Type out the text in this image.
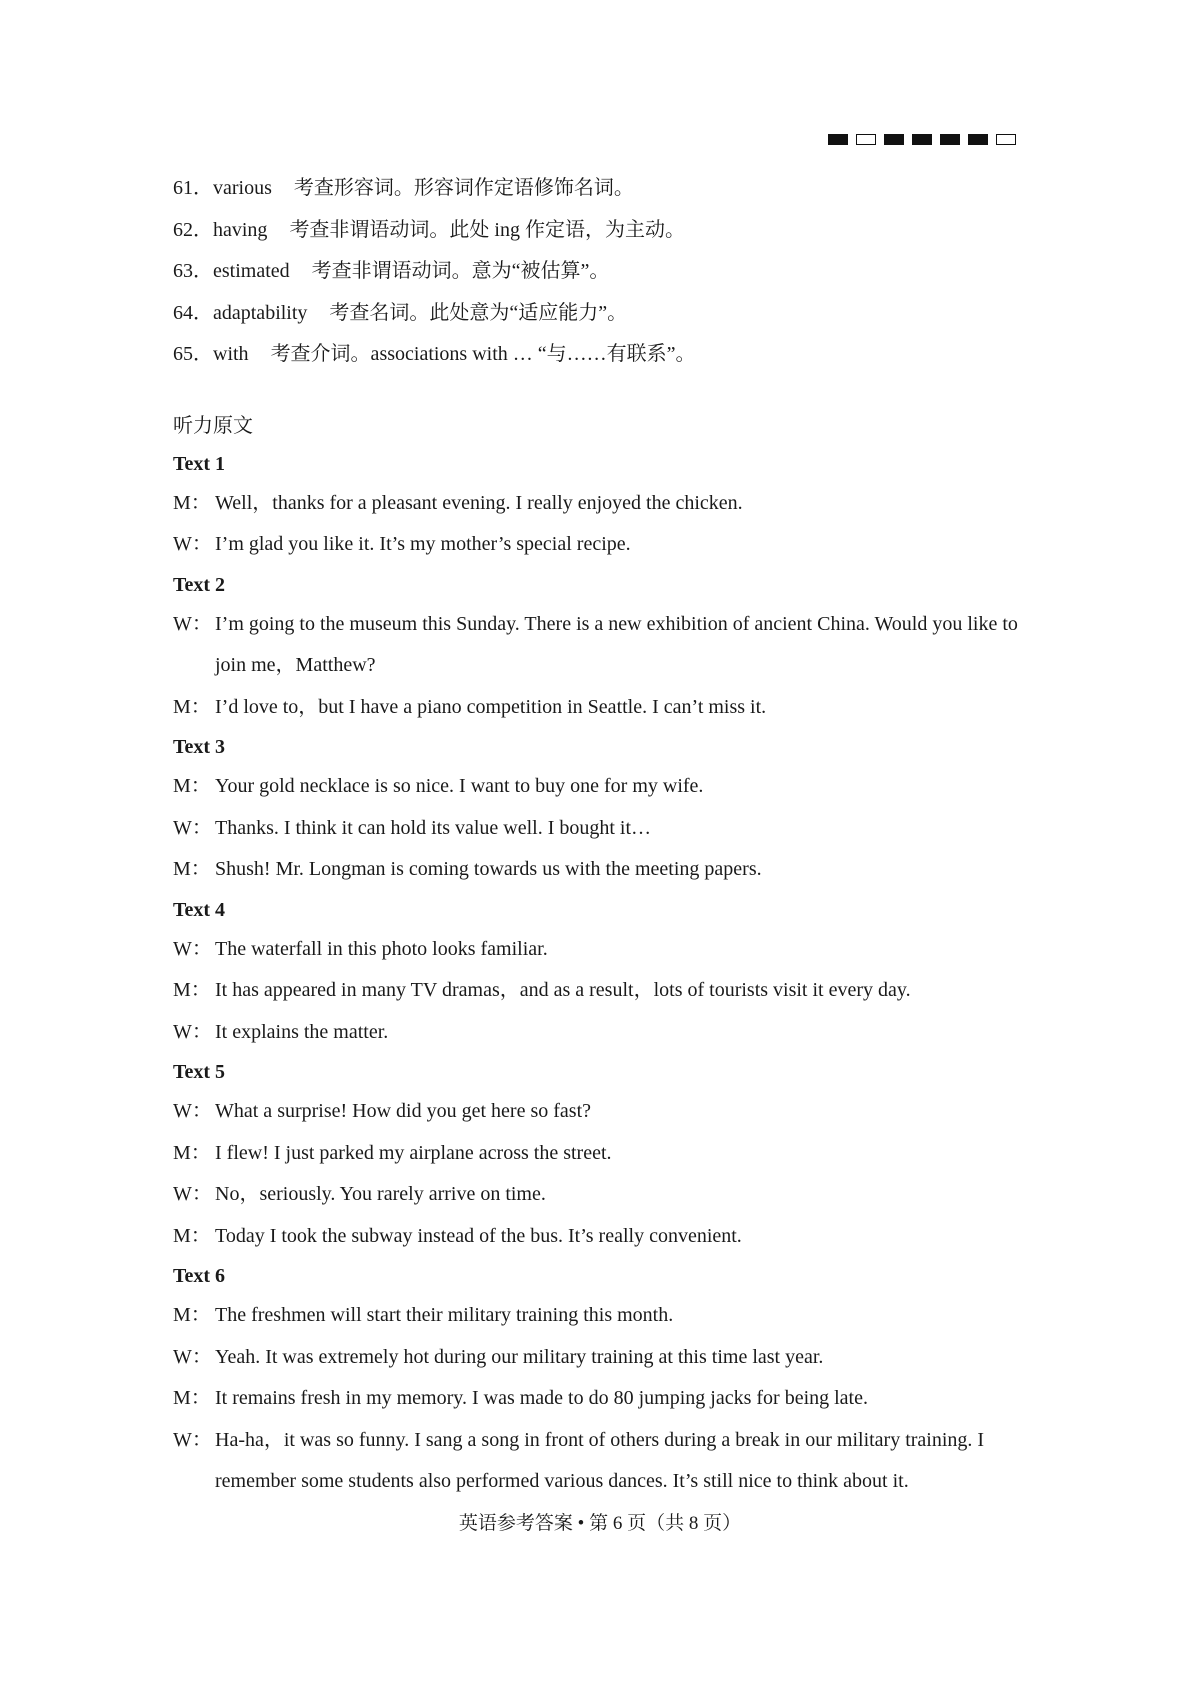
61．various 考查形容词。形容词作定语修饰名词。
62．having 考查非谓语动词。此处 ing 作定语，为主动。
63．estimated 考查非谓语动词。意为“被估算”。
64．adaptability 考查名词。此处意为“适应能力”。
65．with 考查介词。associations with … “与……有联系”。
听力原文
Text 1
M： Well，thanks for a pleasant evening. I really enjoyed the chicken.
W： I’m glad you like it. It’s my mother’s special recipe.
Text 2
W： I’m going to the museum this Sunday. There is a new exhibition of ancient China. Would you like to join me，Matthew?
M： I’d love to，but I have a piano competition in Seattle. I can’t miss it.
Text 3
M： Your gold necklace is so nice. I want to buy one for my wife.
W： Thanks. I think it can hold its value well. I bought it…
M： Shush! Mr. Longman is coming towards us with the meeting papers.
Text 4
W： The waterfall in this photo looks familiar.
M： It has appeared in many TV dramas，and as a result，lots of tourists visit it every day.
W： It explains the matter.
Text 5
W： What a surprise! How did you get here so fast?
M： I flew! I just parked my airplane across the street.
W： No，seriously. You rarely arrive on time.
M： Today I took the subway instead of the bus. It’s really convenient.
Text 6
M： The freshmen will start their military training this month.
W： Yeah. It was extremely hot during our military training at this time last year.
M： It remains fresh in my memory. I was made to do 80 jumping jacks for being late.
W： Ha-ha，it was so funny. I sang a song in front of others during a break in our military training. I remember some students also performed various dances. It’s still nice to think about it.
英语参考答案 • 第 6 页（共 8 页）
